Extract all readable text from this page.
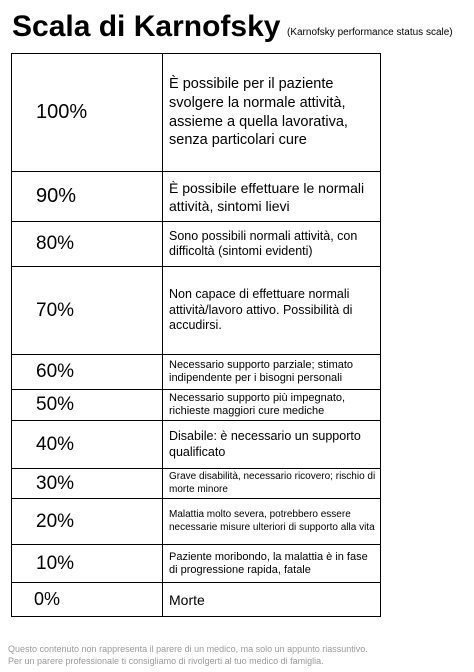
Scala di Karnofsky (Karnofsky performance status scale)
100%	È possibile per il paziente svolgere la normale attività, assieme a quella lavorativa, senza particolari cure

90%	È possibile effettuare le normali attività, sintomi lievi

80%	Sono possibili normali attività, con difficoltà (sintomi evidenti)

70%	Non capace di effettuare normali attività/lavoro attivo. Possibilità di accudirsi.

60%	Necessario supporto parziale; stimato indipendente per i bisogni personali

50%	Necessario supporto più impegnato, richieste maggiori cure mediche

40%	Disabile: è necessario un supporto qualificato

30%	Grave disabilità, necessario ricovero; rischio di morte minore

20%	Malattia molto severa, potrebbero essere necessarie misure ulteriori di supporto alla vita

10%	Paziente moribondo, la malattia è in fase di progressione rapida, fatale

0%	Morte
Questo contenuto non rappresenta il parere di un medico, ma solo un appunto riassuntivo.
Per un parere professionale ti consigliamo di rivolgerti al tuo medico di famiglia.
